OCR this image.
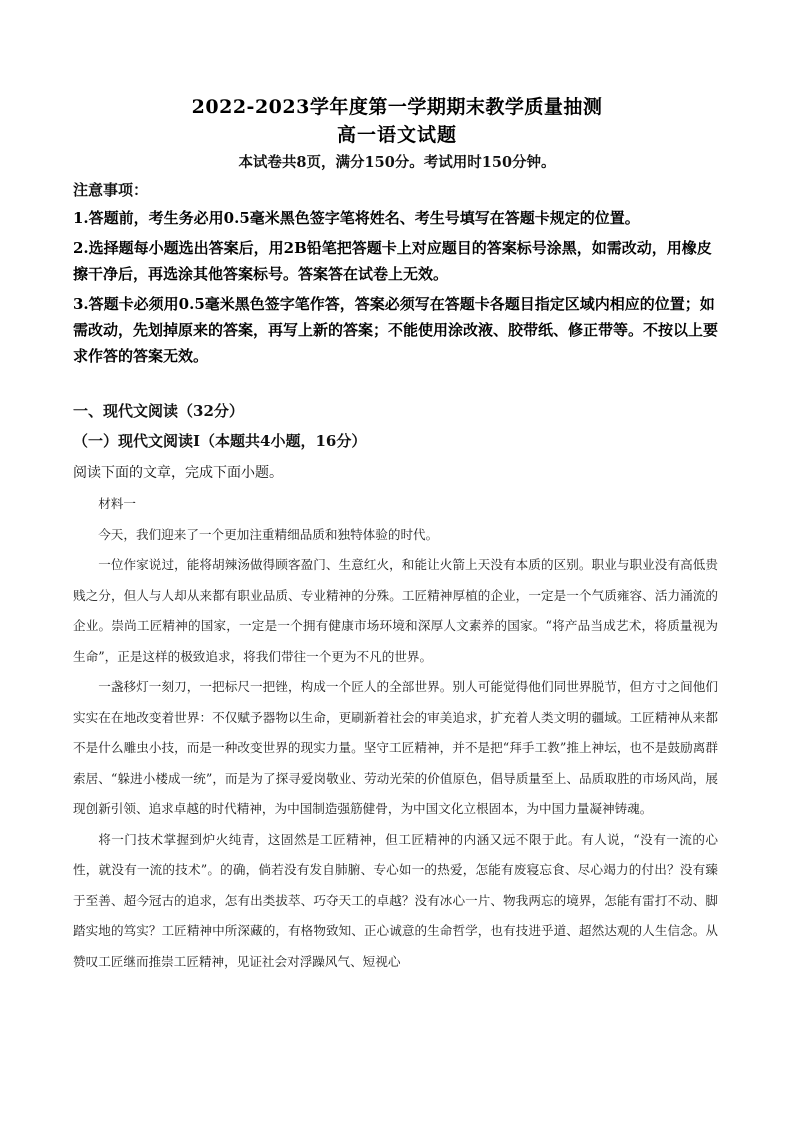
2022-2023学年度第一学期期末教学质量抽测
高一语文试题
本试卷共8页，满分150分。考试用时150分钟。
注意事项：

1.答题前，考生务必用0.5毫米黑色签字笔将姓名、考生号填写在答题卡规定的位置。

2.选择题每小题选出答案后，用2B铅笔把答题卡上对应题目的答案标号涂黑，如需改动，用橡皮擦干净后，再选涂其他答案标号。答案答在试卷上无效。

3.答题卡必须用0.5毫米黑色签字笔作答，答案必须写在答题卡各题目指定区域内相应的位置；如需改动，先划掉原来的答案，再写上新的答案；不能使用涂改液、胶带纸、修正带等。不按以上要求作答的答案无效。

一、现代文阅读（32分）
（一）现代文阅读Ⅰ（本题共4小题，16分）
阅读下面的文章，完成下面小题。

材料一

今天，我们迎来了一个更加注重精细品质和独特体验的时代。

一位作家说过，能将胡辣汤做得顾客盈门、生意红火，和能让火箭上天没有本质的区别。职业与职业没有高低贵贱之分，但人与人却从来都有职业品质、专业精神的分殊。工匠精神厚植的企业，一定是一个气质雍容、活力涌流的企业。崇尚工匠精神的国家，一定是一个拥有健康市场环境和深厚人文素养的国家。“将产品当成艺术，将质量视为生命”，正是这样的极致追求，将我们带往一个更为不凡的世界。

一盏移灯一刻刀，一把标尺一把锉，构成一个匠人的全部世界。别人可能觉得他们同世界脱节，但方寸之间他们实实在在地改变着世界：不仅赋予器物以生命，更刷新着社会的审美追求，扩充着人类文明的疆域。工匠精神从来都不是什么雕虫小技，而是一种改变世界的现实力量。坚守工匠精神，并不是把“拜手工教”推上神坛，也不是鼓励离群索居、“躲进小楼成一统”，而是为了探寻爱岗敬业、劳动光荣的价值原色，倡导质量至上、品质取胜的市场风尚，展现创新引领、追求卓越的时代精神，为中国制造强筋健骨，为中国文化立根固本，为中国力量凝神铸魂。

将一门技术掌握到炉火纯青，这固然是工匠精神，但工匠精神的内涵又远不限于此。有人说，“没有一流的心性，就没有一流的技术”。的确，倘若没有发自肺腑、专心如一的热爱，怎能有废寝忘食、尽心竭力的付出？没有臻于至善、超今冠古的追求，怎有出类拔萃、巧夺天工的卓越？没有冰心一片、物我两忘的境界，怎能有雷打不动、脚踏实地的笃实？工匠精神中所深藏的，有格物致知、正心诚意的生命哲学，也有技进乎道、超然达观的人生信念。从赞叹工匠继而推崇工匠精神，见证社会对浮躁风气、短视心
